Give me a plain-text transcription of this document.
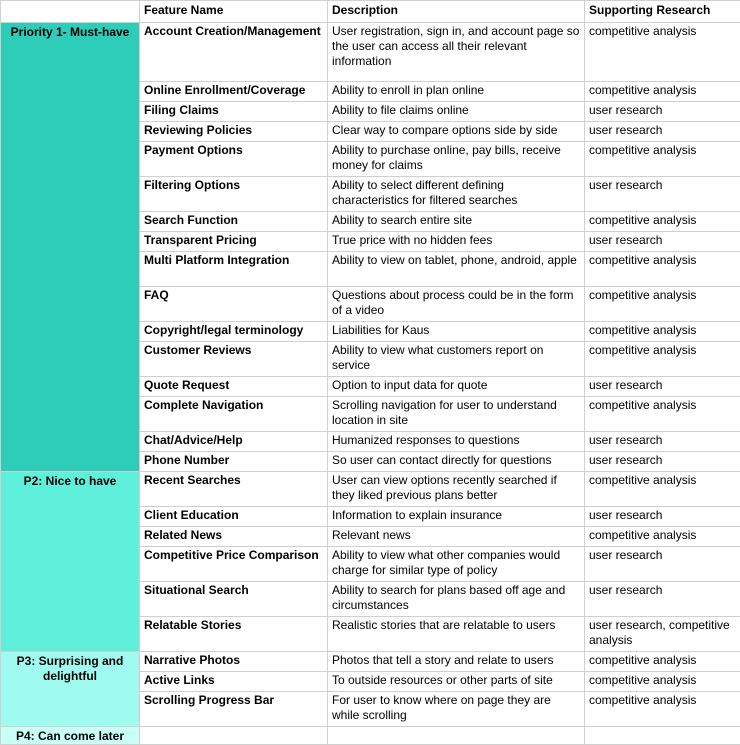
	Feature Name	Description	Supporting Research
Priority 1- Must-have	Account Creation/Management	User registration, sign in, and account page so the user can access all their relevant information	competitive analysis
	Online Enrollment/Coverage	Ability to enroll in plan online	competitive analysis
	Filing Claims	Ability to file claims online	user research
	Reviewing Policies	Clear way to compare options side by side	user research
	Payment Options	Ability to purchase online, pay bills, receive money for claims	competitive analysis
	Filtering Options	Ability to select different defining characteristics for filtered searches	user research
	Search Function	Ability to search entire site	competitive analysis
	Transparent Pricing	True price with no hidden fees	user research
	Multi Platform Integration	Ability to view on tablet, phone, android, apple	competitive analysis
	FAQ	Questions about process could be in the form of a video	competitive analysis
	Copyright/legal terminology	Liabilities for Kaus	competitive analysis
	Customer Reviews	Ability to view what customers report on service	competitive analysis
	Quote Request	Option to input data for quote	user research
	Complete Navigation	Scrolling navigation for user to understand location in site	competitive analysis
	Chat/Advice/Help	Humanized responses to questions	user research
	Phone Number	So user can contact directly for questions	user research
P2: Nice to have	Recent Searches	User can view options recently searched if they liked previous plans better	competitive analysis
	Client Education	Information to explain insurance	user research
	Related News	Relevant news	competitive analysis
	Competitive Price Comparison	Ability to view what other companies would charge for similar type of policy	user research
	Situational Search	Ability to search for plans based off age and circumstances	user research
	Relatable Stories	Realistic stories that are relatable to users	user research, competitive analysis
P3: Surprising and delightful	Narrative Photos	Photos that tell a story and relate to users	competitive analysis
	Active Links	To outside resources or other parts of site	competitive analysis
	Scrolling Progress Bar	For user to know where on page they are while scrolling	competitive analysis
P4: Can come later			
